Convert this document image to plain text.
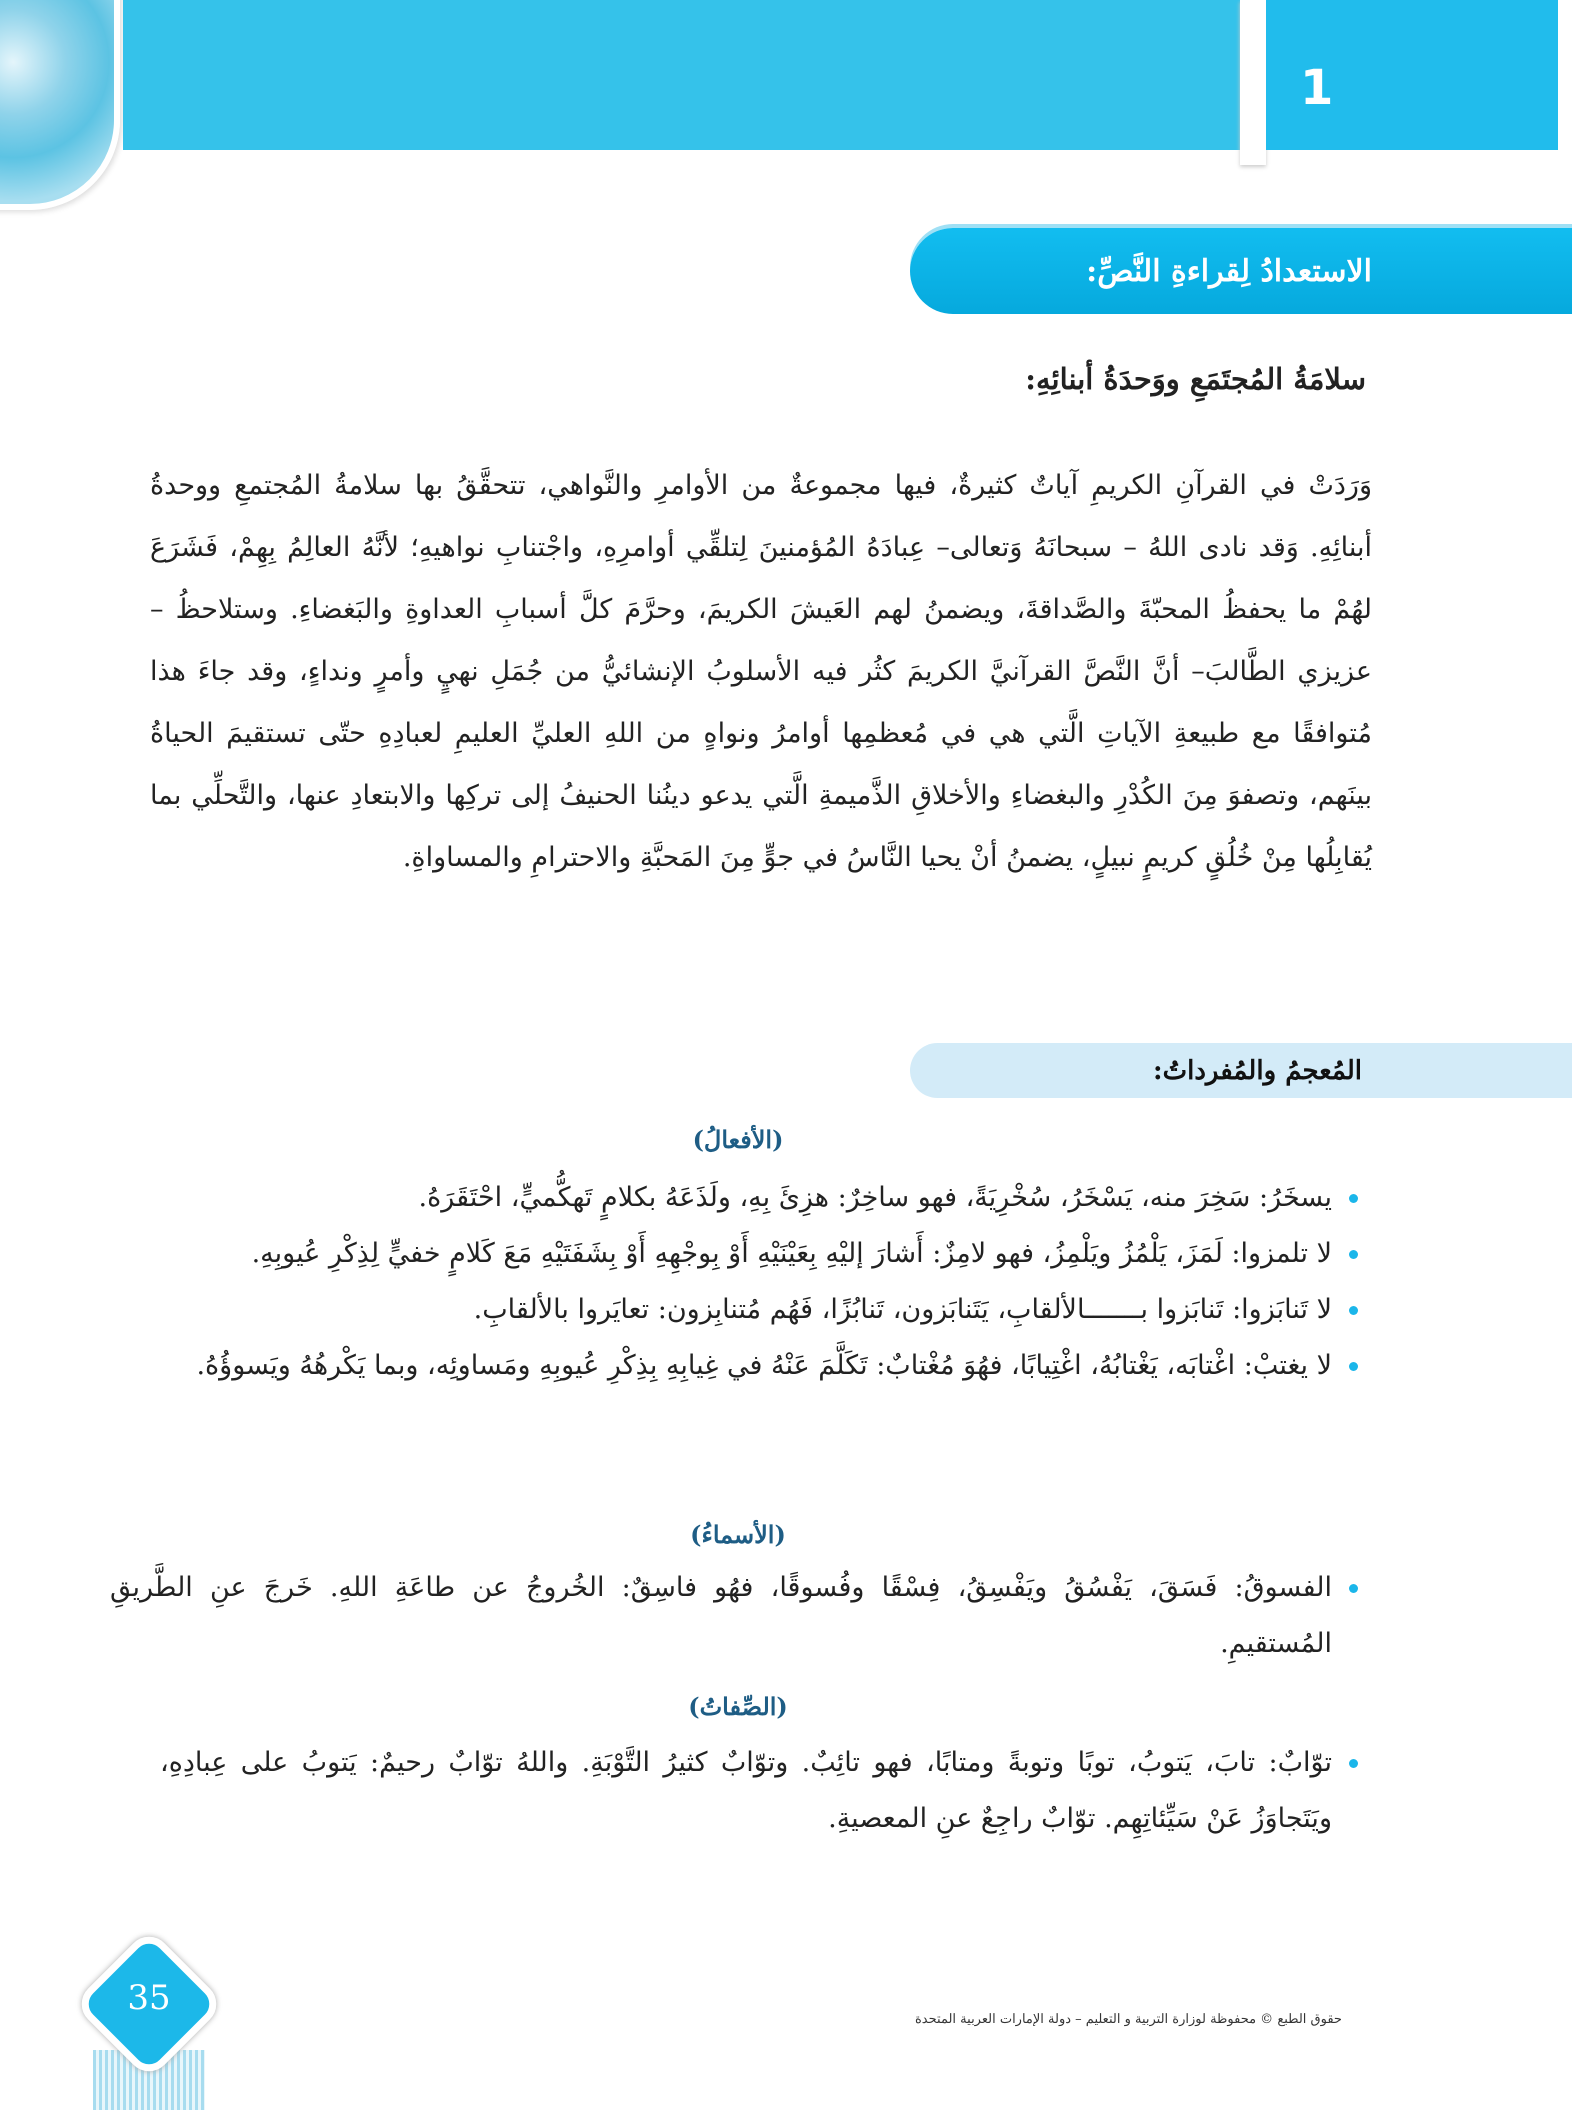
1
الاستعدادُ لِقراءةِ النَّصِّ:
سلامَةُ المُجتَمَعِ ووَحدَةُ أبنائِهِ:

وَرَدَتْ في القرآنِ الكريمِ آياتٌ كثيرةٌ، فيها مجموعةٌ من الأوامرِ والنَّواهي، تتحقَّقُ بها سلامةُ المُجتمعِ ووحدةُ أبنائِهِ. وَقد نادى اللهُ – سبحانَهُ وَتعالى– عِبادَهُ المُؤمنينَ لِتلقِّي أوامرِهِ، واجْتنابِ نواهيهِ؛ لأنَّهُ العالِمُ بِهِمْ، فَشَرَعَ لهُمْ ما يحفظُ المحبّةَ والصَّداقةَ، ويضمنُ لهم العَيشَ الكريمَ، وحرَّمَ كلَّ أسبابِ العداوةِ والبَغضاءِ. وستلاحظُ –عزيزي الطَّالبَ– أنَّ النَّصَّ القرآنيَّ الكريمَ كثُر فيه الأسلوبُ الإنشائيُّ من جُمَلِ نهيٍ وأمرٍ ونداءٍ، وقد جاءَ هذا مُتوافقًا مع طبيعةِ الآياتِ الَّتي هي في مُعظمِها أوامرُ ونواهٍ من اللهِ العليِّ العليمِ لعبادِهِ حتّى تستقيمَ الحياةُ بينَهم، وتصفوَ مِنَ الكُدْرِ والبغضاءِ والأخلاقِ الذَّميمةِ الَّتي يدعو دينُنا الحنيفُ إلى تركِها والابتعادِ عنها، والتَّحلِّي بما يُقابِلُها مِنْ خُلُقٍ كريمٍ نبيلٍ، يضمنُ أنْ يحيا النَّاسُ في جوٍّ مِنَ المَحبَّةِ والاحترامِ والمساواةِ.

المُعجمُ والمُفرداتُ:
(الأفعالُ)
يسخَرُ: سَخِرَ منه، يَسْخَرُ، سُخْرِيَةً، فهو ساخِرٌ: هزِئَ بِهِ، ولَذَعَهُ بكلامٍ تَهكُّميٍّ، احْتَقَرَهُ.
لا تلمزوا: لَمَزَ، يَلْمُزُ ويَلْمِزُ، فهو لامِزٌ: أَشارَ إليْهِ بِعَيْنَيْهِ أَوْ بِوجْهِهِ أَوْ بِشَفَتَيْهِ مَعَ كَلامٍ خفيٍّ لِذِكْرِ عُيوبِهِ.
لا تَنابَزوا: تَنابَزوا بـــــــالألقابِ، يَتَنابَزون، تَنابُزًا، فَهُم مُتنابِزون: تعايَروا بالألقابِ.
لا يغتبْ: اغْتابَه، يَغْتابُهُ، اغْتِيابًا، فهُوَ مُغْتابٌ: تَكَلَّمَ عَنْهُ في غِيابِهِ بِذِكْرِ عُيوبِهِ ومَساوئِه، وبما يَكْرهُهُ ويَسوؤُهُ.
(الأسماءُ)
الفسوقُ: فَسَقَ، يَفْسُقُ ويَفْسِقُ، فِسْقًا وفُسوقًا، فهُو فاسِقٌ: الخُروجُ عن طاعَةِ اللهِ. خَرجَ عنِ الطَّريقِ المُستقيمِ.
(الصِّفاتُ)
توّابٌ: تابَ، يَتوبُ، توبًا وتوبةً ومتابًا، فهو تائِبٌ. وتوّابٌ كثيرُ التَّوْبَةِ. واللهُ توّابٌ رحيمٌ: يَتوبُ على عِبادِهِ، ويَتَجاوَزُ عَنْ سَيِّئاتِهِم. توّابٌ راجِعٌ عنِ المعصيةِ.
35
حقوق الطبع © محفوظة لوزارة التربية و التعليم – دولة الإمارات العربية المتحدة
